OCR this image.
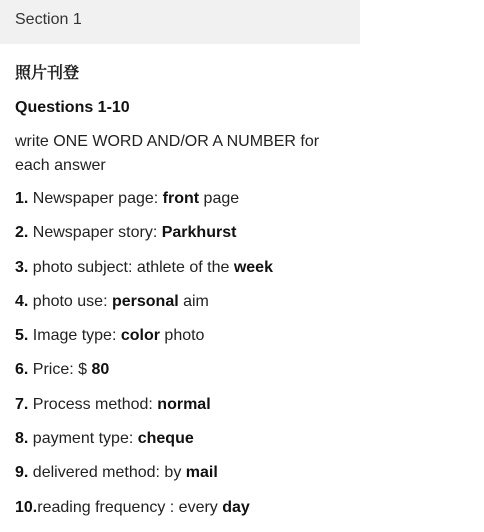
Section 1
照片刊登
Questions 1-10
write ONE WORD AND/OR A NUMBER for each answer
1. Newspaper page: front page
2. Newspaper story: Parkhurst
3. photo subject: athlete of the week
4. photo use: personal aim
5. Image type: color photo
6. Price: $ 80
7. Process method: normal
8. payment type: cheque
9. delivered method: by mail
10.reading frequency : every day
